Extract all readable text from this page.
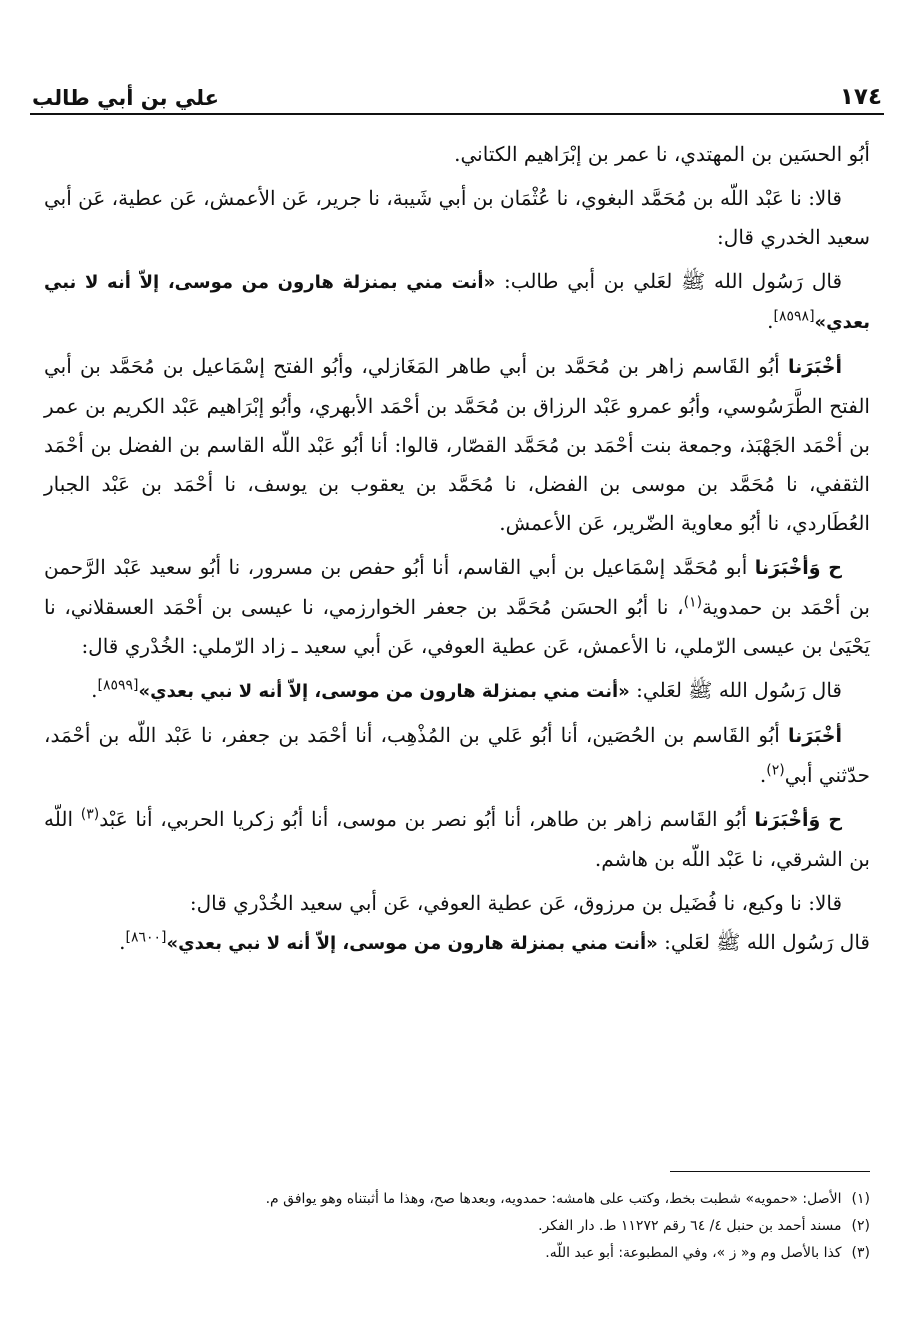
١٧٤
علي بن أبي طالب

أبُو الحسَين بن المهتدي، نا عمر بن إبْرَاهيم الكتاني.

قالا: نا عَبْد اللّه بن مُحَمَّد البغوي، نا عُثْمَان بن أبي شَيبة، نا جرير، عَن الأعمش، عَن عطية، عَن أبي سعيد الخدري قال:

قال رَسُول الله ﷺ لعَلي بن أبي طالب: «أنت مني بمنزلة هارون من موسى، إلاّ أنه لا نبي بعدي»[٨٥٩٨].

أخْبَرَنا أبُو القَاسم زاهر بن مُحَمَّد بن أبي طاهر المَغَازلي، وأبُو الفتح إسْمَاعيل بن مُحَمَّد بن أبي الفتح الطَّرَسُوسي، وأبُو عمرو عَبْد الرزاق بن مُحَمَّد بن أحْمَد الأبهري، وأبُو إبْرَاهيم عَبْد الكريم بن عمر بن أحْمَد الجَهْبَذ، وجمعة بنت أحْمَد بن مُحَمَّد القصّار، قالوا: أنا أبُو عَبْد اللّه القاسم بن الفضل بن أحْمَد الثقفي، نا مُحَمَّد بن موسى بن الفضل، نا مُحَمَّد بن يعقوب بن يوسف، نا أحْمَد بن عَبْد الجبار العُطَاردي، نا أبُو معاوية الضّرير، عَن الأعمش.

ح وَأخْبَرَنا أبو مُحَمَّد إسْمَاعيل بن أبي القاسم، أنا أبُو حفص بن مسرور، نا أبُو سعيد عَبْد الرَّحمن بن أحْمَد بن حمدوية$^{(١)}$، نا أبُو الحسَن مُحَمَّد بن جعفر الخوارزمي، نا عيسى بن أحْمَد العسقلاني، نا يَحْيَىٰ بن عيسى الرّملي، نا الأعمش، عَن عطية العوفي، عَن أبي سعيد ـ زاد الرّملي: الخُدْري قال:

قال رَسُول الله ﷺ لعَلي: «أنت مني بمنزلة هارون من موسى، إلاّ أنه لا نبي بعدي»[٨٥٩٩].

أخْبَرَنا أبُو القَاسم بن الحُصَين، أنا أبُو عَلي بن المُذْهِب، أنا أحْمَد بن جعفر، نا عَبْد اللّه بن أحْمَد، حدّثني أبي$^{(٢)}$.

ح وَأخْبَرَنا أبُو القَاسم زاهر بن طاهر، أنا أبُو نصر بن موسى، أنا أبُو زكريا الحربي، أنا عَبْد$^{(٣)}$ اللّه بن الشرقي، نا عَبْد اللّه بن هاشم.

قالا: نا وكيع، نا فُضَيل بن مرزوق، عَن عطية العوفي، عَن أبي سعيد الخُدْري قال:
قال رَسُول الله ﷺ لعَلي: «أنت مني بمنزلة هارون من موسى، إلاّ أنه لا نبي بعدي»[٨٦٠٠].

(١)الأصل: «حمويه» شطبت بخط، وكتب على هامشه: حمدويه، وبعدها صح، وهذا ما أثبتناه وهو يوافق م.
(٢)مسند أحمد بن حنبل ٤/ ٦٤ رقم ١١٢٧٢ ط. دار الفكر.
(٣)كذا بالأصل وم و« ز »، وفي المطبوعة: أبو عبد اللّه.
